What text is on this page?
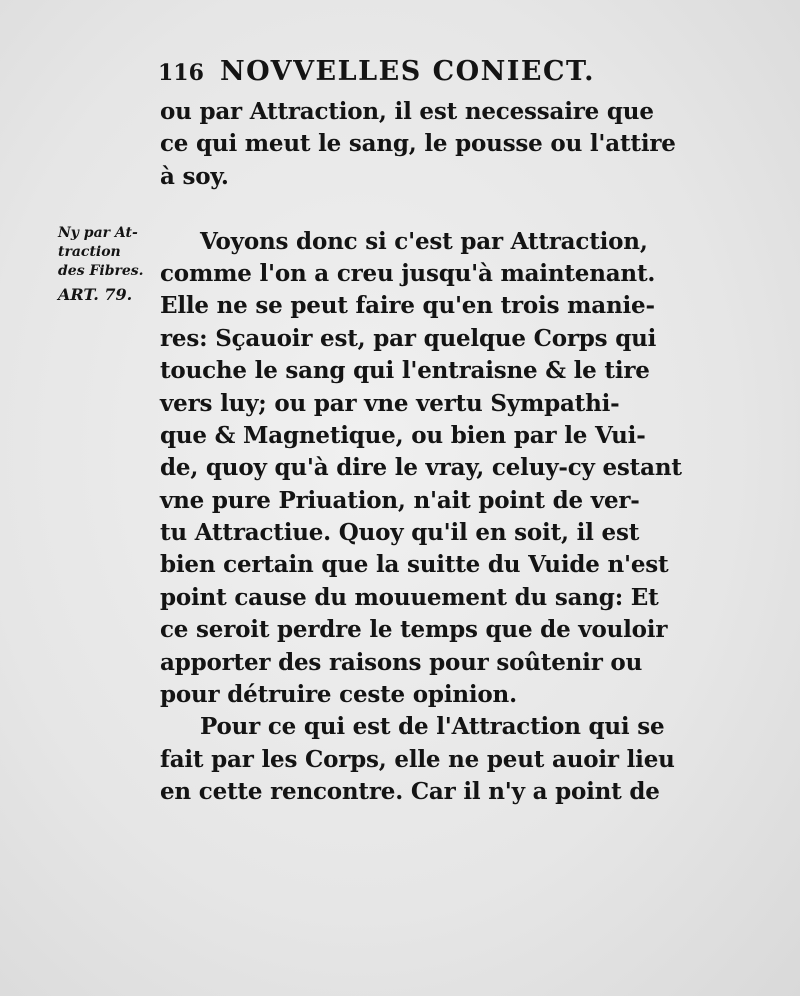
116 NOVVELLES CONIECT.
Ny par At-
traction
des Fibres.
ART. 79.
ou par Attraction, il est necessaire que
ce qui meut le sang, le pousse ou l'attire
à soy.
Voyons donc si c'est par Attraction,
comme l'on a creu jusqu'à maintenant.
Elle ne se peut faire qu'en trois manie-
res: Sçauoir est, par quelque Corps qui
touche le sang qui l'entraisne & le tire
vers luy; ou par vne vertu Sympathi-
que & Magnetique, ou bien par le Vui-
de, quoy qu'à dire le vray, celuy-cy estant
vne pure Priuation, n'ait point de ver-
tu Attractiue. Quoy qu'il en soit, il est
bien certain que la suitte du Vuide n'est
point cause du mouuement du sang: Et
ce seroit perdre le temps que de vouloir
apporter des raisons pour soûtenir ou
pour détruire ceste opinion.
Pour ce qui est de l'Attraction qui se
fait par les Corps, elle ne peut auoir lieu
en cette rencontre. Car il n'y a point de
